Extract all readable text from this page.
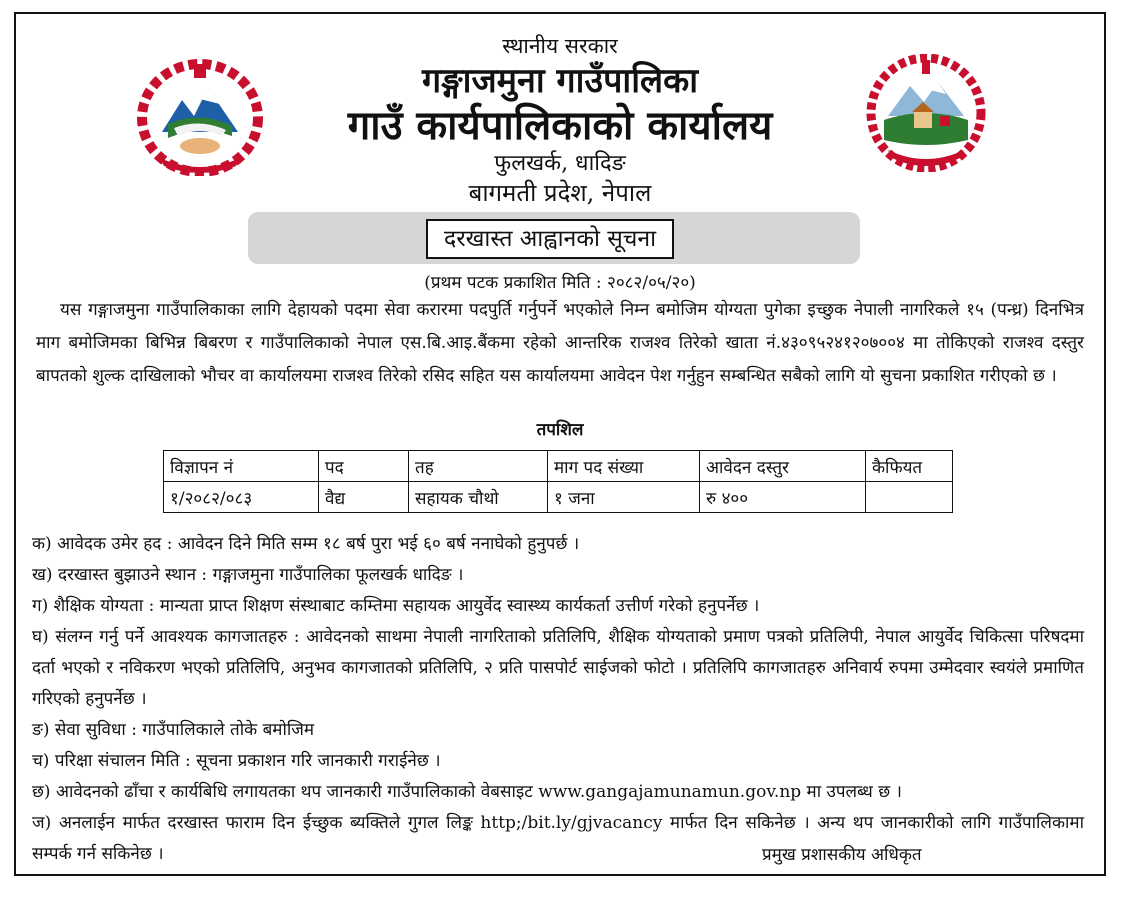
स्थानीय सरकार
गङ्गाजमुना गाउँपालिका
गाउँ कार्यपालिकाको कार्यालय
फुलखर्क, धादिङ
बागमती प्रदेश, नेपाल
दरखास्त आह्वानको सूचना
(प्रथम पटक प्रकाशित मिति : २०८२/०५/२०)

यस गङ्गाजमुना गाउँपालिकाका लागि देहायको पदमा सेवा करारमा पदपुर्ति गर्नुपर्ने भएकोले निम्न बमोजिम योग्यता पुगेका इच्छुक नेपाली नागरिकले १५ (पन्ध्र) दिनभित्र माग बमोजिमका बिभिन्न बिबरण र गाउँपालिकाको नेपाल एस.बि.आइ.बैंकमा रहेको आन्तरिक राजश्व तिरेको खाता नं.४३०९५२४१२०७००४ मा तोकिएको राजश्व दस्तुर बापतको शुल्क दाखिलाको भौचर वा कार्यालयमा राजश्व तिरेको रसिद सहित यस कार्यालयमा आवेदन पेश गर्नुहुन सम्बन्धित सबैको लागि यो सुचना प्रकाशित गरीएको छ ।

तपशिल
विज्ञापन नं	पद	तह	माग पद संख्या	आवेदन दस्तुर	कैफियत
१/२०८२/०८३	वैद्य	सहायक चौथो	१ जना	रु ४००	
क) आवेदक उमेर हद : आवेदन दिने मिति सम्म १८ बर्ष पुरा भई ६० बर्ष ननाघेको हुनुपर्छ ।
ख) दरखास्त बुझाउने स्थान : गङ्गाजमुना गाउँपालिका फूलखर्क धादिङ ।
ग) शैक्षिक योग्यता : मान्यता प्राप्त शिक्षण संस्थाबाट कम्तिमा सहायक आयुर्वेद स्वास्थ्य कार्यकर्ता उत्तीर्ण गरेको हनुपर्नेछ ।
घ) संलग्न गर्नु पर्ने आवश्यक कागजातहरु : आवेदनको साथमा नेपाली नागरिताको प्रतिलिपि, शैक्षिक योग्यताको प्रमाण पत्रको प्रतिलिपी, नेपाल आयुर्वेद चिकित्सा परिषदमा दर्ता भएको र नविकरण भएको प्रतिलिपि, अनुभव कागजातको प्रतिलिपि, २ प्रति पासपोर्ट साईजको फोटो । प्रतिलिपि कागजातहरु अनिवार्य रुपमा उम्मेदवार स्वयंले प्रमाणित गरिएको हनुपर्नेछ ।
ङ) सेवा सुविधा : गाउँपालिकाले तोके बमोजिम
च) परिक्षा संचालन मिति : सूचना प्रकाशन गरि जानकारी गराईनेछ ।
छ) आवेदनको ढाँचा र कार्यबिधि लगायतका थप जानकारी गाउँपालिकाको वेबसाइट www.gangajamunamun.gov.np मा उपलब्ध छ ।
ज) अनलाईन मार्फत दरखास्त फाराम दिन ईच्छुक ब्यक्तिले गुगल लिङ्क http;/bit.ly/gjvacancy मार्फत दिन सकिनेछ । अन्य थप जानकारीको लागि गाउँपालिकामा सम्पर्क गर्न सकिनेछ ।	प्रमुख प्रशासकीय अधिकृत
